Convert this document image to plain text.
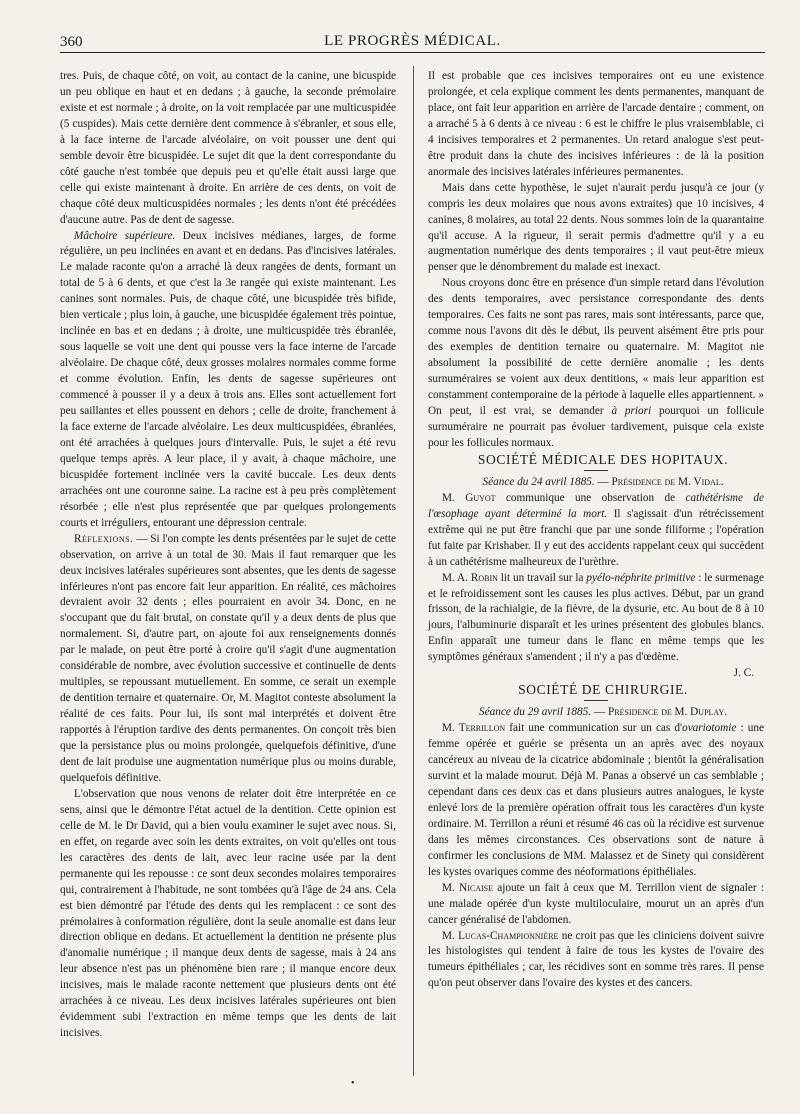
360	LE PROGRÈS MÉDICAL.

tres. Puis, de chaque côté, on voit, au contact de la canine, une bicuspide un peu oblique en haut et en dedans ; à gauche, la seconde prémolaire existe et est normale ; à droite, on la voit remplacée par une multicuspidée (5 cuspides). Mais cette dernière dent commence à s'ébranler, et sous elle, à la face interne de l'arcade alvéolaire, on voit pousser une dent qui semble devoir être bicuspidée. Le sujet dit que la dent correspondante du côté gauche n'est tombée que depuis peu et qu'elle était aussi large que celle qui existe maintenant à droite. En arrière de ces dents, on voit de chaque côté deux multicuspidées normales ; les dents n'ont été précédées d'aucune autre. Pas de dent de sagesse.

Mâchoire supérieure. Deux incisives médianes, larges, de forme régulière, un peu inclinées en avant et en dedans. Pas d'incisives latérales. Le malade raconte qu'on a arraché là deux rangées de dents, formant un total de 5 à 6 dents, et que c'est la 3e rangée qui existe maintenant. Les canines sont normales. Puis, de chaque côté, une bicuspidée très bifide, bien verticale ; plus loin, à gauche, une bicuspidée également très pointue, inclinée en bas et en dedans ; à droite, une multicuspidée très ébranlée, sous laquelle se voit une dent qui pousse vers la face interne de l'arcade alvéolaire. De chaque côté, deux grosses molaires normales comme forme et comme évolution. Enfin, les dents de sagesse supérieures ont commencé à pousser il y a deux à trois ans. Elles sont actuellement fort peu saillantes et elles poussent en dehors ; celle de droite, franchement à la face externe de l'arcade alvéolaire. Les deux multicuspidées, ébranlées, ont été arrachées à quelques jours d'intervalle. Puis, le sujet a été revu quelque temps après. A leur place, il y avait, à chaque mâchoire, une bicuspidée fortement inclinée vers la cavité buccale. Les deux dents arrachées ont une couronne saine. La racine est à peu près complètement résorbée ; elle n'est plus représentée que par quelques prolongements courts et irréguliers, entourant une dépression centrale.

Réflexions. — Si l'on compte les dents présentées par le sujet de cette observation, on arrive à un total de 30. Mais il faut remarquer que les deux incisives latérales supérieures sont absentes, que les dents de sagesse inférieures n'ont pas encore fait leur apparition. En réalité, ces mâchoires devraient avoir 32 dents ; elles pourraient en avoir 34. Donc, en ne s'occupant que du fait brutal, on constate qu'il y a deux dents de plus que normalement. Si, d'autre part, on ajoute foi aux renseignements donnés par le malade, on peut être porté à croire qu'il s'agit d'une augmentation considérable de nombre, avec évolution successive et continuelle de dents multiples, se repoussant mutuellement. En somme, ce serait un exemple de dentition ternaire et quaternaire. Or, M. Magitot conteste absolument la réalité de ces faits. Pour lui, ils sont mal interprétés et doivent être rapportés à l'éruption tardive des dents permanentes. On conçoit très bien que la persistance plus ou moins prolongée, quelquefois définitive, d'une dent de lait produise une augmentation numérique plus ou moins durable, quelquefois définitive.

L'observation que nous venons de relater doit être interprétée en ce sens, ainsi que le démontre l'état actuel de la dentition. Cette opinion est celle de M. le Dr David, qui a bien voulu examiner le sujet avec nous. Si, en effet, on regarde avec soin les dents extraites, on voit qu'elles ont tous les caractères des dents de lait, avec leur racine usée par la dent permanente qui les repousse : ce sont deux secondes molaires temporaires qui, contrairement à l'habitude, ne sont tombées qu'à l'âge de 24 ans. Cela est bien démontré par l'étude des dents qui les remplacent : ce sont des prémolaires à conformation régulière, dont la seule anomalie est dans leur direction oblique en dedans. Et actuellement la dentition ne présente plus d'anomalie numérique ; il manque deux dents de sagesse, mais à 24 ans leur absence n'est pas un phénomène bien rare ; il manque encore deux incisives, mais le malade raconte nettement que plusieurs dents ont été arrachées à ce niveau. Les deux incisives latérales supérieures ont bien évidemment subi l'extraction en même temps que les dents de lait incisives.

Il est probable que ces incisives temporaires ont eu une existence prolongée, et cela explique comment les dents permanentes, manquant de place, ont fait leur apparition en arrière de l'arcade dentaire ; comment, on a arraché 5 à 6 dents à ce niveau : 6 est le chiffre le plus vraisemblable, ci 4 incisives temporaires et 2 permanentes. Un retard analogue s'est peut-être produit dans la chute des incisives inférieures : de là la position anormale des incisives latérales inférieures permanentes.

Mais dans cette hypothèse, le sujet n'aurait perdu jusqu'à ce jour (y compris les deux molaires que nous avons extraites) que 10 incisives, 4 canines, 8 molaires, au total 22 dents. Nous sommes loin de la quarantaine qu'il accuse. A la rigueur, il serait permis d'admettre qu'il y a eu augmentation numérique des dents temporaires ; il vaut peut-être mieux penser que le dénombrement du malade est inexact.

Nous croyons donc être en présence d'un simple retard dans l'évolution des dents temporaires, avec persistance correspondante des dents temporaires. Ces faits ne sont pas rares, mais sont intéressants, parce que, comme nous l'avons dit dès le début, ils peuvent aisément être pris pour des exemples de dentition ternaire ou quaternaire. M. Magitot nie absolument la possibilité de cette dernière anomalie ; les dents surnuméraires se voient aux deux dentitions, « mais leur apparition est constamment contemporaine de la période à laquelle elles appartiennent. » On peut, il est vrai, se demander à priori pourquoi un follicule surnuméraire ne pourrait pas évoluer tardivement, puisque cela existe pour les follicules normaux.

SOCIÉTÉ MÉDICALE DES HOPITAUX.

Séance du 24 avril 1885. — Présidence de M. Vidal.

M. Guyot communique une observation de cathétérisme de l'œsophage ayant déterminé la mort. Il s'agissait d'un rétrécissement extrême qui ne put être franchi que par une sonde filiforme ; l'opération fut faite par Krishaber. Il y eut des accidents rappelant ceux qui succèdent à un cathétérisme malheureux de l'urèthre.

M. A. Robin lit un travail sur la pyélo-néphrite primitive : le surmenage et le refroidissement sont les causes les plus actives. Début, par un grand frisson, de la rachialgie, de la fièvre, de la dysurie, etc. Au bout de 8 à 10 jours, l'albuminurie disparaît et les urines présentent des globules blancs. Enfin apparaît une tumeur dans le flanc en même temps que les symptômes généraux s'amendent ; il n'y a pas d'œdème.

J. C.

SOCIÉTÉ DE CHIRURGIE.

Séance du 29 avril 1885. — Présidence de M. Duplay.

M. Terrillon fait une communication sur un cas d'ovariotomie : une femme opérée et guérie se présenta un an après avec des noyaux cancéreux au niveau de la cicatrice abdominale ; bientôt la généralisation survint et la malade mourut. Déjà M. Panas a observé un cas semblable ; cependant dans ces deux cas et dans plusieurs autres analogues, le kyste enlevé lors de la première opération offrait tous les caractères d'un kyste ordinaire. M. Terrillon a réuni et résumé 46 cas où la récidive est survenue dans les mêmes circonstances. Ces observations sont de nature à confirmer les conclusions de MM. Malassez et de Sinety qui considèrent les kystes ovariques comme des néoformations épithéliales.

M. Nicaise ajoute un fait à ceux que M. Terrillon vient de signaler : une malade opérée d'un kyste multiloculaire, mourut un an après d'un cancer généralisé de l'abdomen.

M. Lucas-Championnière ne croit pas que les cliniciens doivent suivre les histologistes qui tendent à faire de tous les kystes de l'ovaire des tumeurs épithéliales ; car, les récidives sont en somme très rares. Il pense qu'on peut observer dans l'ovaire des kystes et des cancers.

•
